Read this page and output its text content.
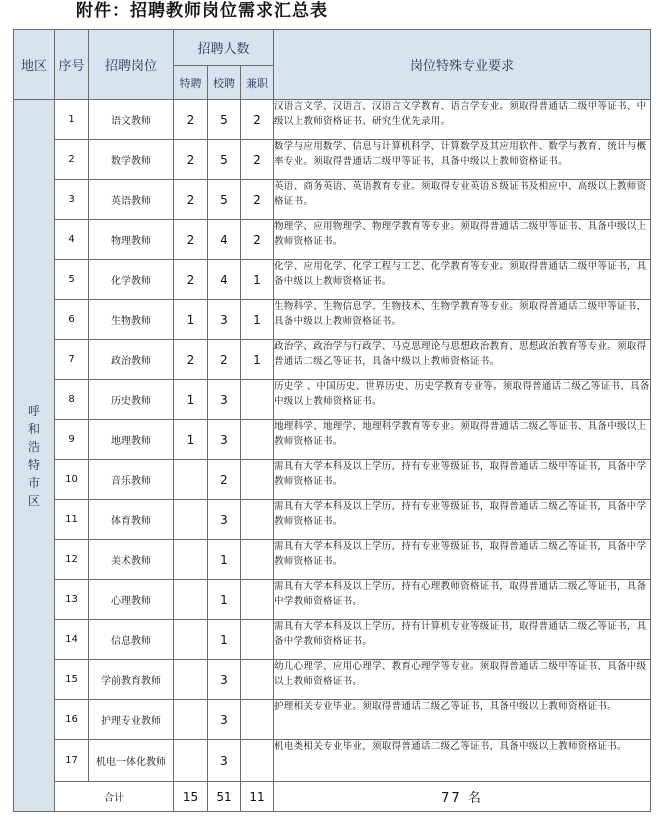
附件：招聘教师岗位需求汇总表
地区	序号	招聘岗位	招聘人数			岗位特殊专业要求
			特聘	校聘	兼职	

呼和浩特市区	1	语文教师	2	5	2	汉语言文学、汉语言、汉语言文学教育、语言学专业。须取得普通话二级甲等证书、中级以上教师资格证书、研究生优先录用。
	2	数学教师	2	5	2	数学与应用数学、信息与计算机科学、计算数学及其应用软件、数学与教育、统计与概率专业。须取得普通话二级甲等证书，具备中级以上教师资格证书。
	3	英语教师	2	5	2	英语、商务英语、英语教育专业。须取得专业英语８级证书及相应中、高级以上教师资格证书。
	4	物理教师	2	4	2	物理学、应用物理学、物理学教育等专业。须取得普通话二级甲等证书、具备中级以上教师资格证书。
	5	化学教师	2	4	1	化学、应用化学、化学工程与工艺、化学教育等专业。须取得普通话二级甲等证书，具备中级以上教师资格证书。
	6	生物教师	1	3	1	生物科学、生物信息学、生物技术、生物学教育等专业。须取得普通话二级甲等证书，具备中级以上教师资格证书。
	7	政治教师	2	2	1	政治学、政治学与行政学、马克思理论与思想政治教育、思想政治教育等专业。须取得普通话二级乙等证书，具备中级以上教师资格证书。
	8	历史教师	1	3		历史学 、中国历史、世界历史、历史学教育专业等。须取得普通话二级乙等证书、具备中级以上教师资格证书。
	9	地理教师	1	3		地理科学、地理学、地理科学教育等专业。须取得普通话二级乙等证书、具备中级以上教师资格证书。
	10	音乐教师		2		需具有大学本科及以上学历，持有专业等级证书，取得普通话二级甲等证书，具备中学教师资格证书。
	11	体育教师		3		需具有大学本科及以上学历，持有专业等级证书，取得普通话二级乙等证书，具备中学教师资格证书。
	12	美术教师		1		需具有大学本科及以上学历，持有专业等级证书，取得普通话二级乙等证书，具备中学教师资格证书。
	13	心理教师		1		需具有大学本科及以上学历，持有心理教师资格证书，取得普通话二级乙等证书，具备中学教师资格证书。
	14	信息教师		1		需具有大学本科及以上学历，持有计算机专业等级证书，取得普通话二级乙等证书，具备中学教师资格证书。
	15	学前教育教师		3		幼儿心理学、应用心理学、教育心理学等专业。须取得普通话二级甲等证书、具备中级以上教师资格证书。
	16	护理专业教师		3		护理相关专业毕业。须取得普通话二级乙等证书，具备中级以上教师资格证书。
	17	机电一体化教师		3		机电类相关专业毕业，须取得普通话二级乙等证书，具备中级以上教师资格证书。
	合计		15	51	11	77 名
